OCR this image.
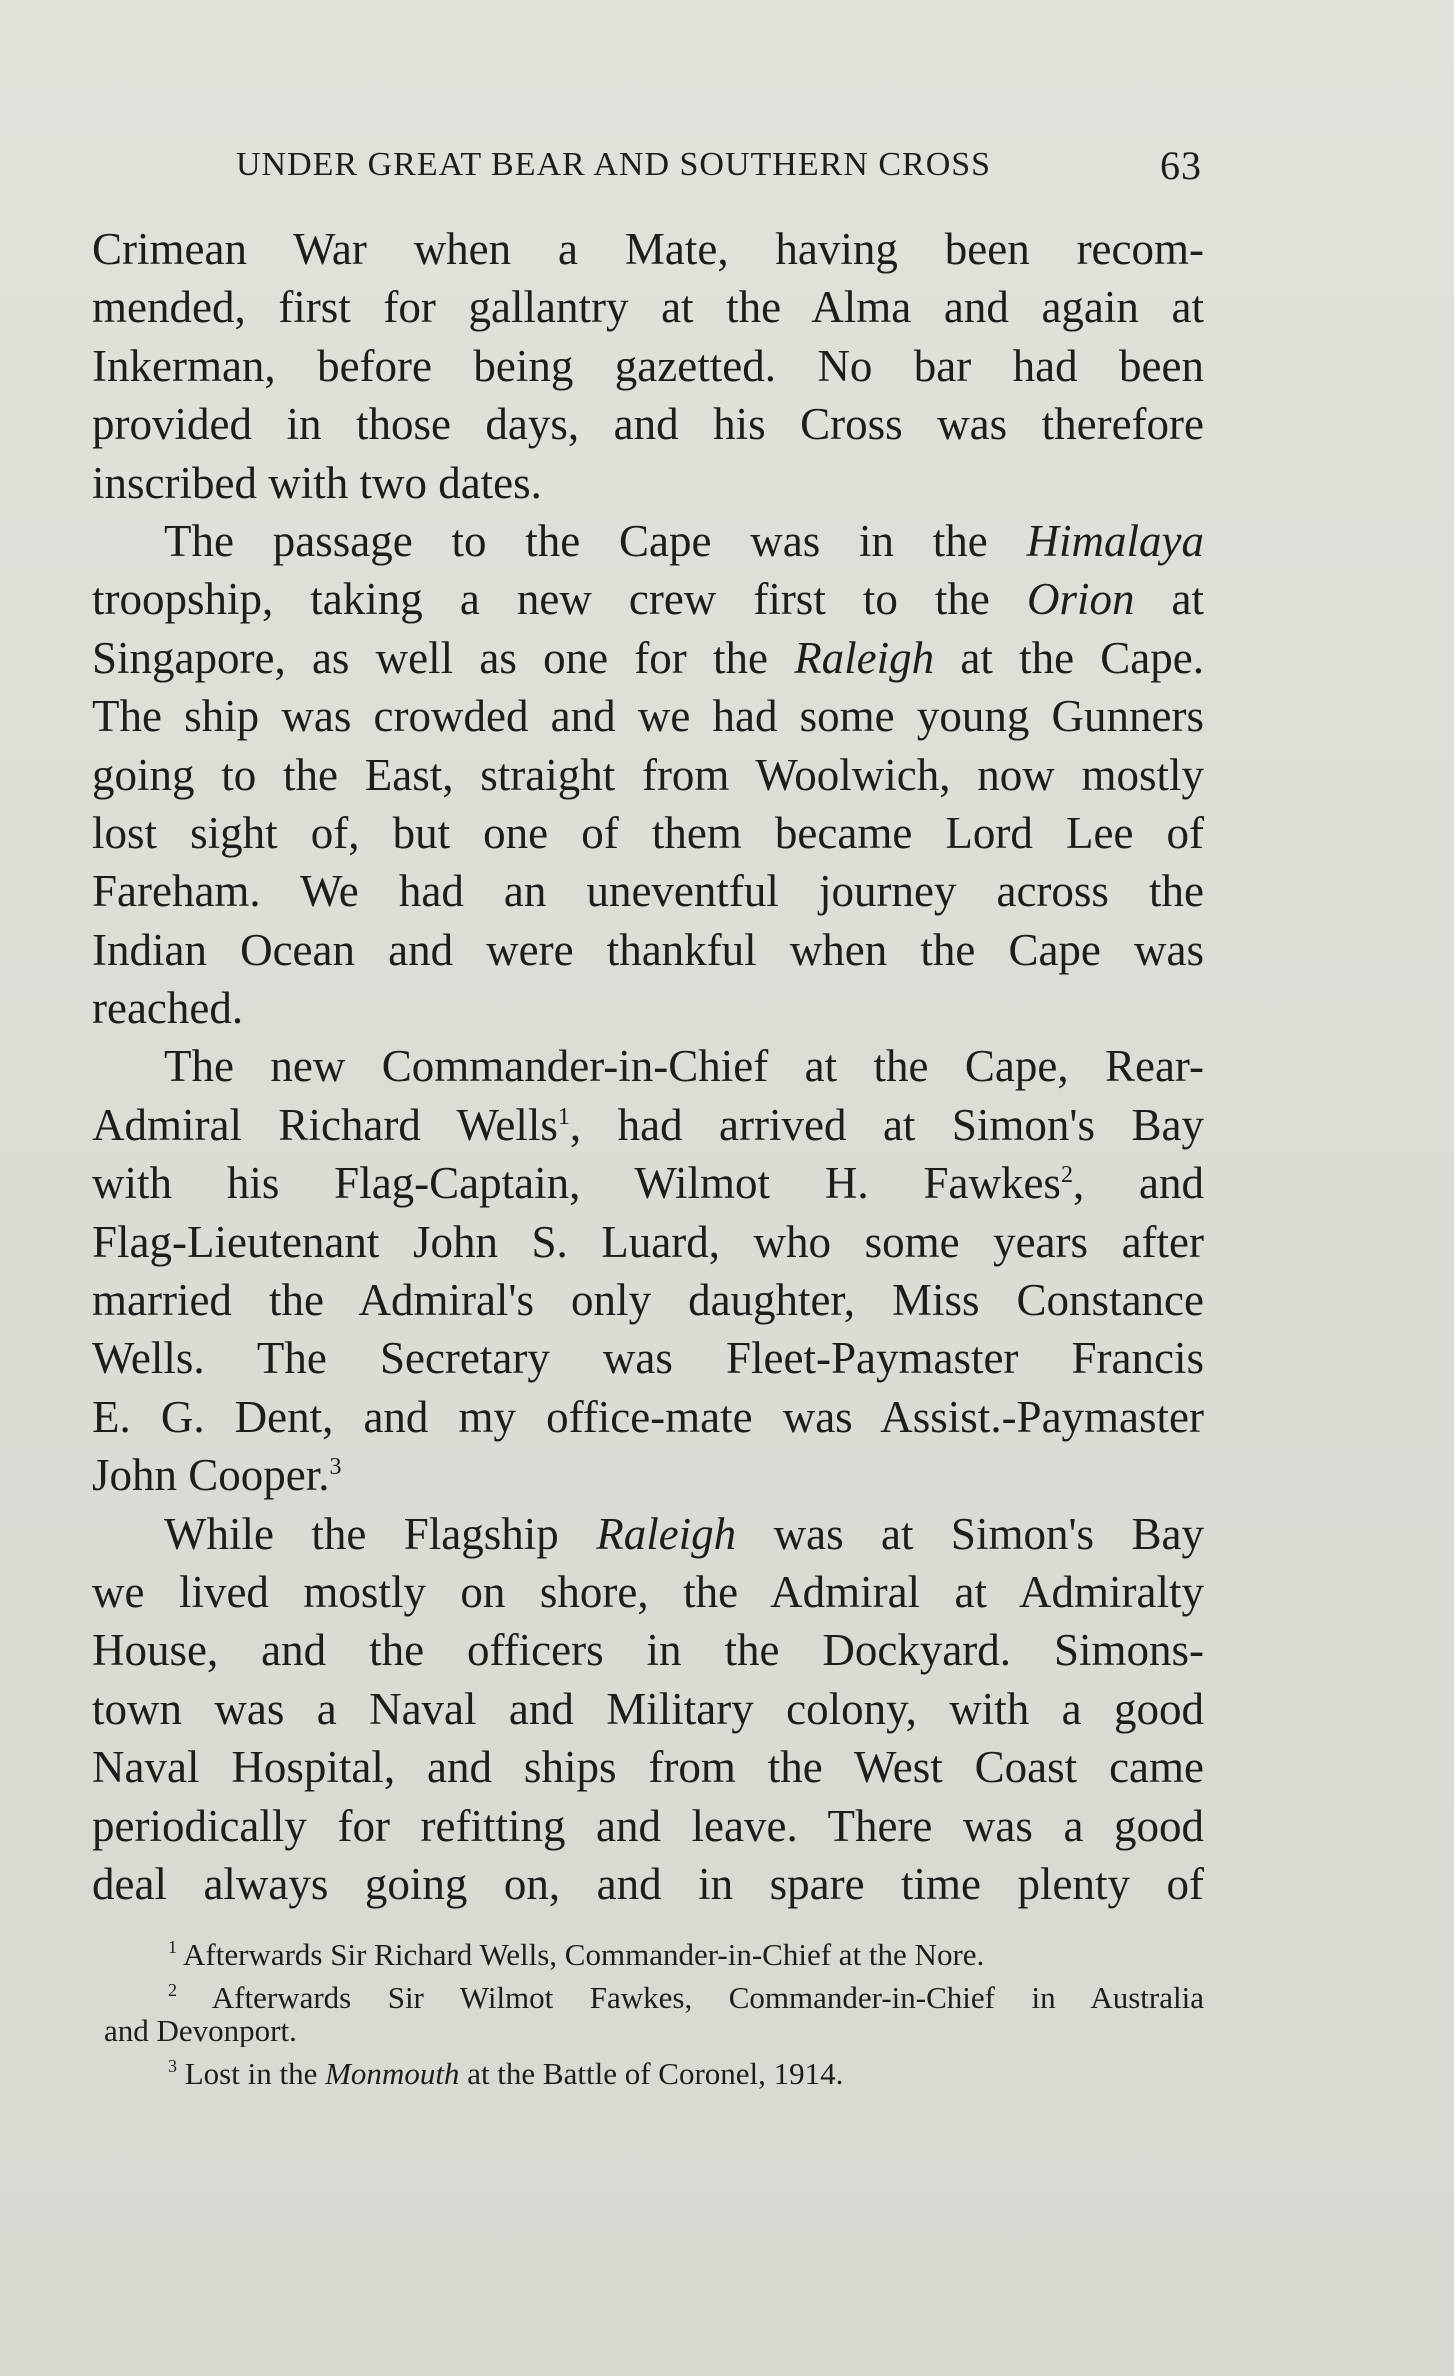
UNDER GREAT BEAR AND SOUTHERN CROSS	63
Crimean War when a Mate, having been recom-
mended, first for gallantry at the Alma and again at
Inkerman, before being gazetted. No bar had been
provided in those days, and his Cross was therefore
inscribed with two dates.
The passage to the Cape was in the Himalaya
troopship, taking a new crew first to the Orion at
Singapore, as well as one for the Raleigh at the Cape.
The ship was crowded and we had some young Gunners
going to the East, straight from Woolwich, now mostly
lost sight of, but one of them became Lord Lee of
Fareham. We had an uneventful journey across the
Indian Ocean and were thankful when the Cape was
reached.
The new Commander-in-Chief at the Cape, Rear-
Admiral Richard Wells$^1$, had arrived at Simon's Bay
with his Flag-Captain, Wilmot H. Fawkes$^2$, and
Flag-Lieutenant John S. Luard, who some years after
married the Admiral's only daughter, Miss Constance
Wells. The Secretary was Fleet-Paymaster Francis
E. G. Dent, and my office-mate was Assist.-Paymaster
John Cooper.$^3$
While the Flagship Raleigh was at Simon's Bay
we lived mostly on shore, the Admiral at Admiralty
House, and the officers in the Dockyard. Simons-
town was a Naval and Military colony, with a good
Naval Hospital, and ships from the West Coast came
periodically for refitting and leave. There was a good
deal always going on, and in spare time plenty of
$^1$ Afterwards Sir Richard Wells, Commander-in-Chief at the Nore.
$^2$ Afterwards Sir Wilmot Fawkes, Commander-in-Chief in Australia
and Devonport.
$^3$ Lost in the Monmouth at the Battle of Coronel, 1914.
